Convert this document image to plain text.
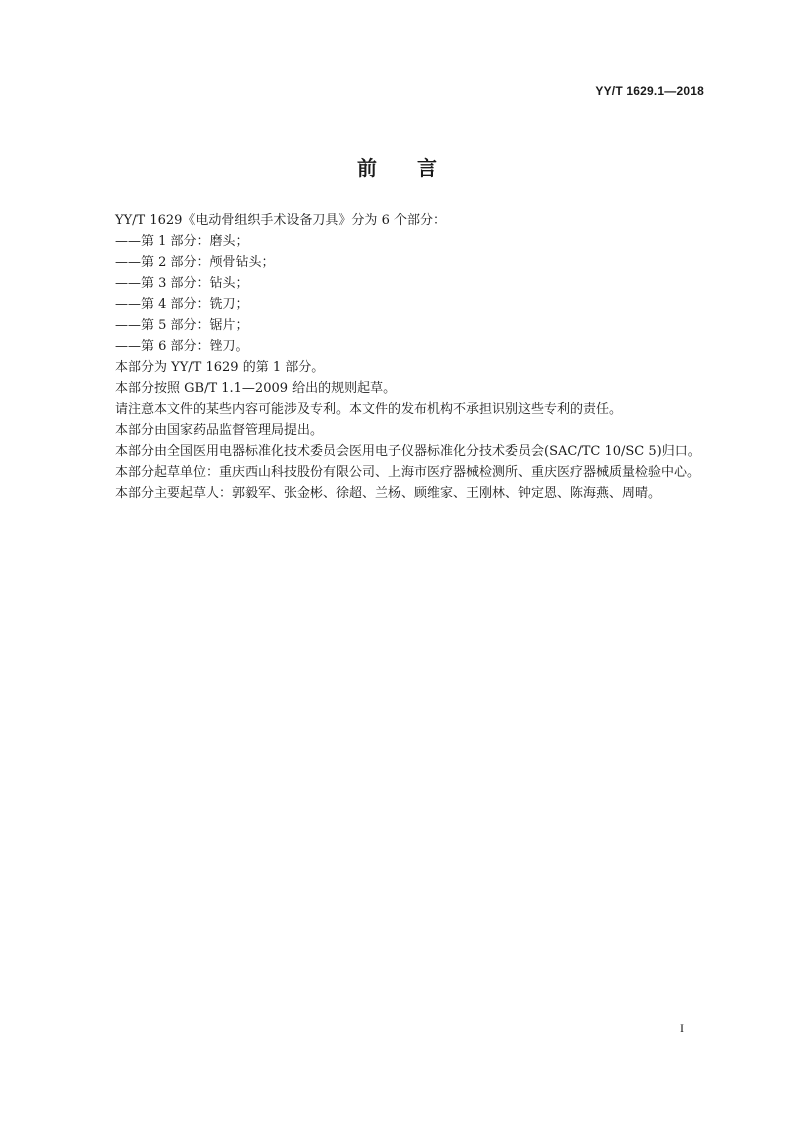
YY/T 1629.1—2018
前 言

YY/T 1629《电动骨组织手术设备刀具》分为 6 个部分：

——第 1 部分：磨头；

——第 2 部分：颅骨钻头；

——第 3 部分：钻头；

——第 4 部分：铣刀；

——第 5 部分：锯片；

——第 6 部分：锉刀。

本部分为 YY/T 1629 的第 1 部分。

本部分按照 GB/T 1.1—2009 给出的规则起草。

请注意本文件的某些内容可能涉及专利。本文件的发布机构不承担识别这些专利的责任。

本部分由国家药品监督管理局提出。

本部分由全国医用电器标准化技术委员会医用电子仪器标准化分技术委员会(SAC/TC 10/SC 5)归口。

本部分起草单位：重庆西山科技股份有限公司、上海市医疗器械检测所、重庆医疗器械质量检验中心。

本部分主要起草人：郭毅军、张金彬、徐超、兰杨、顾维家、王刚林、钟定恩、陈海燕、周晴。

I
